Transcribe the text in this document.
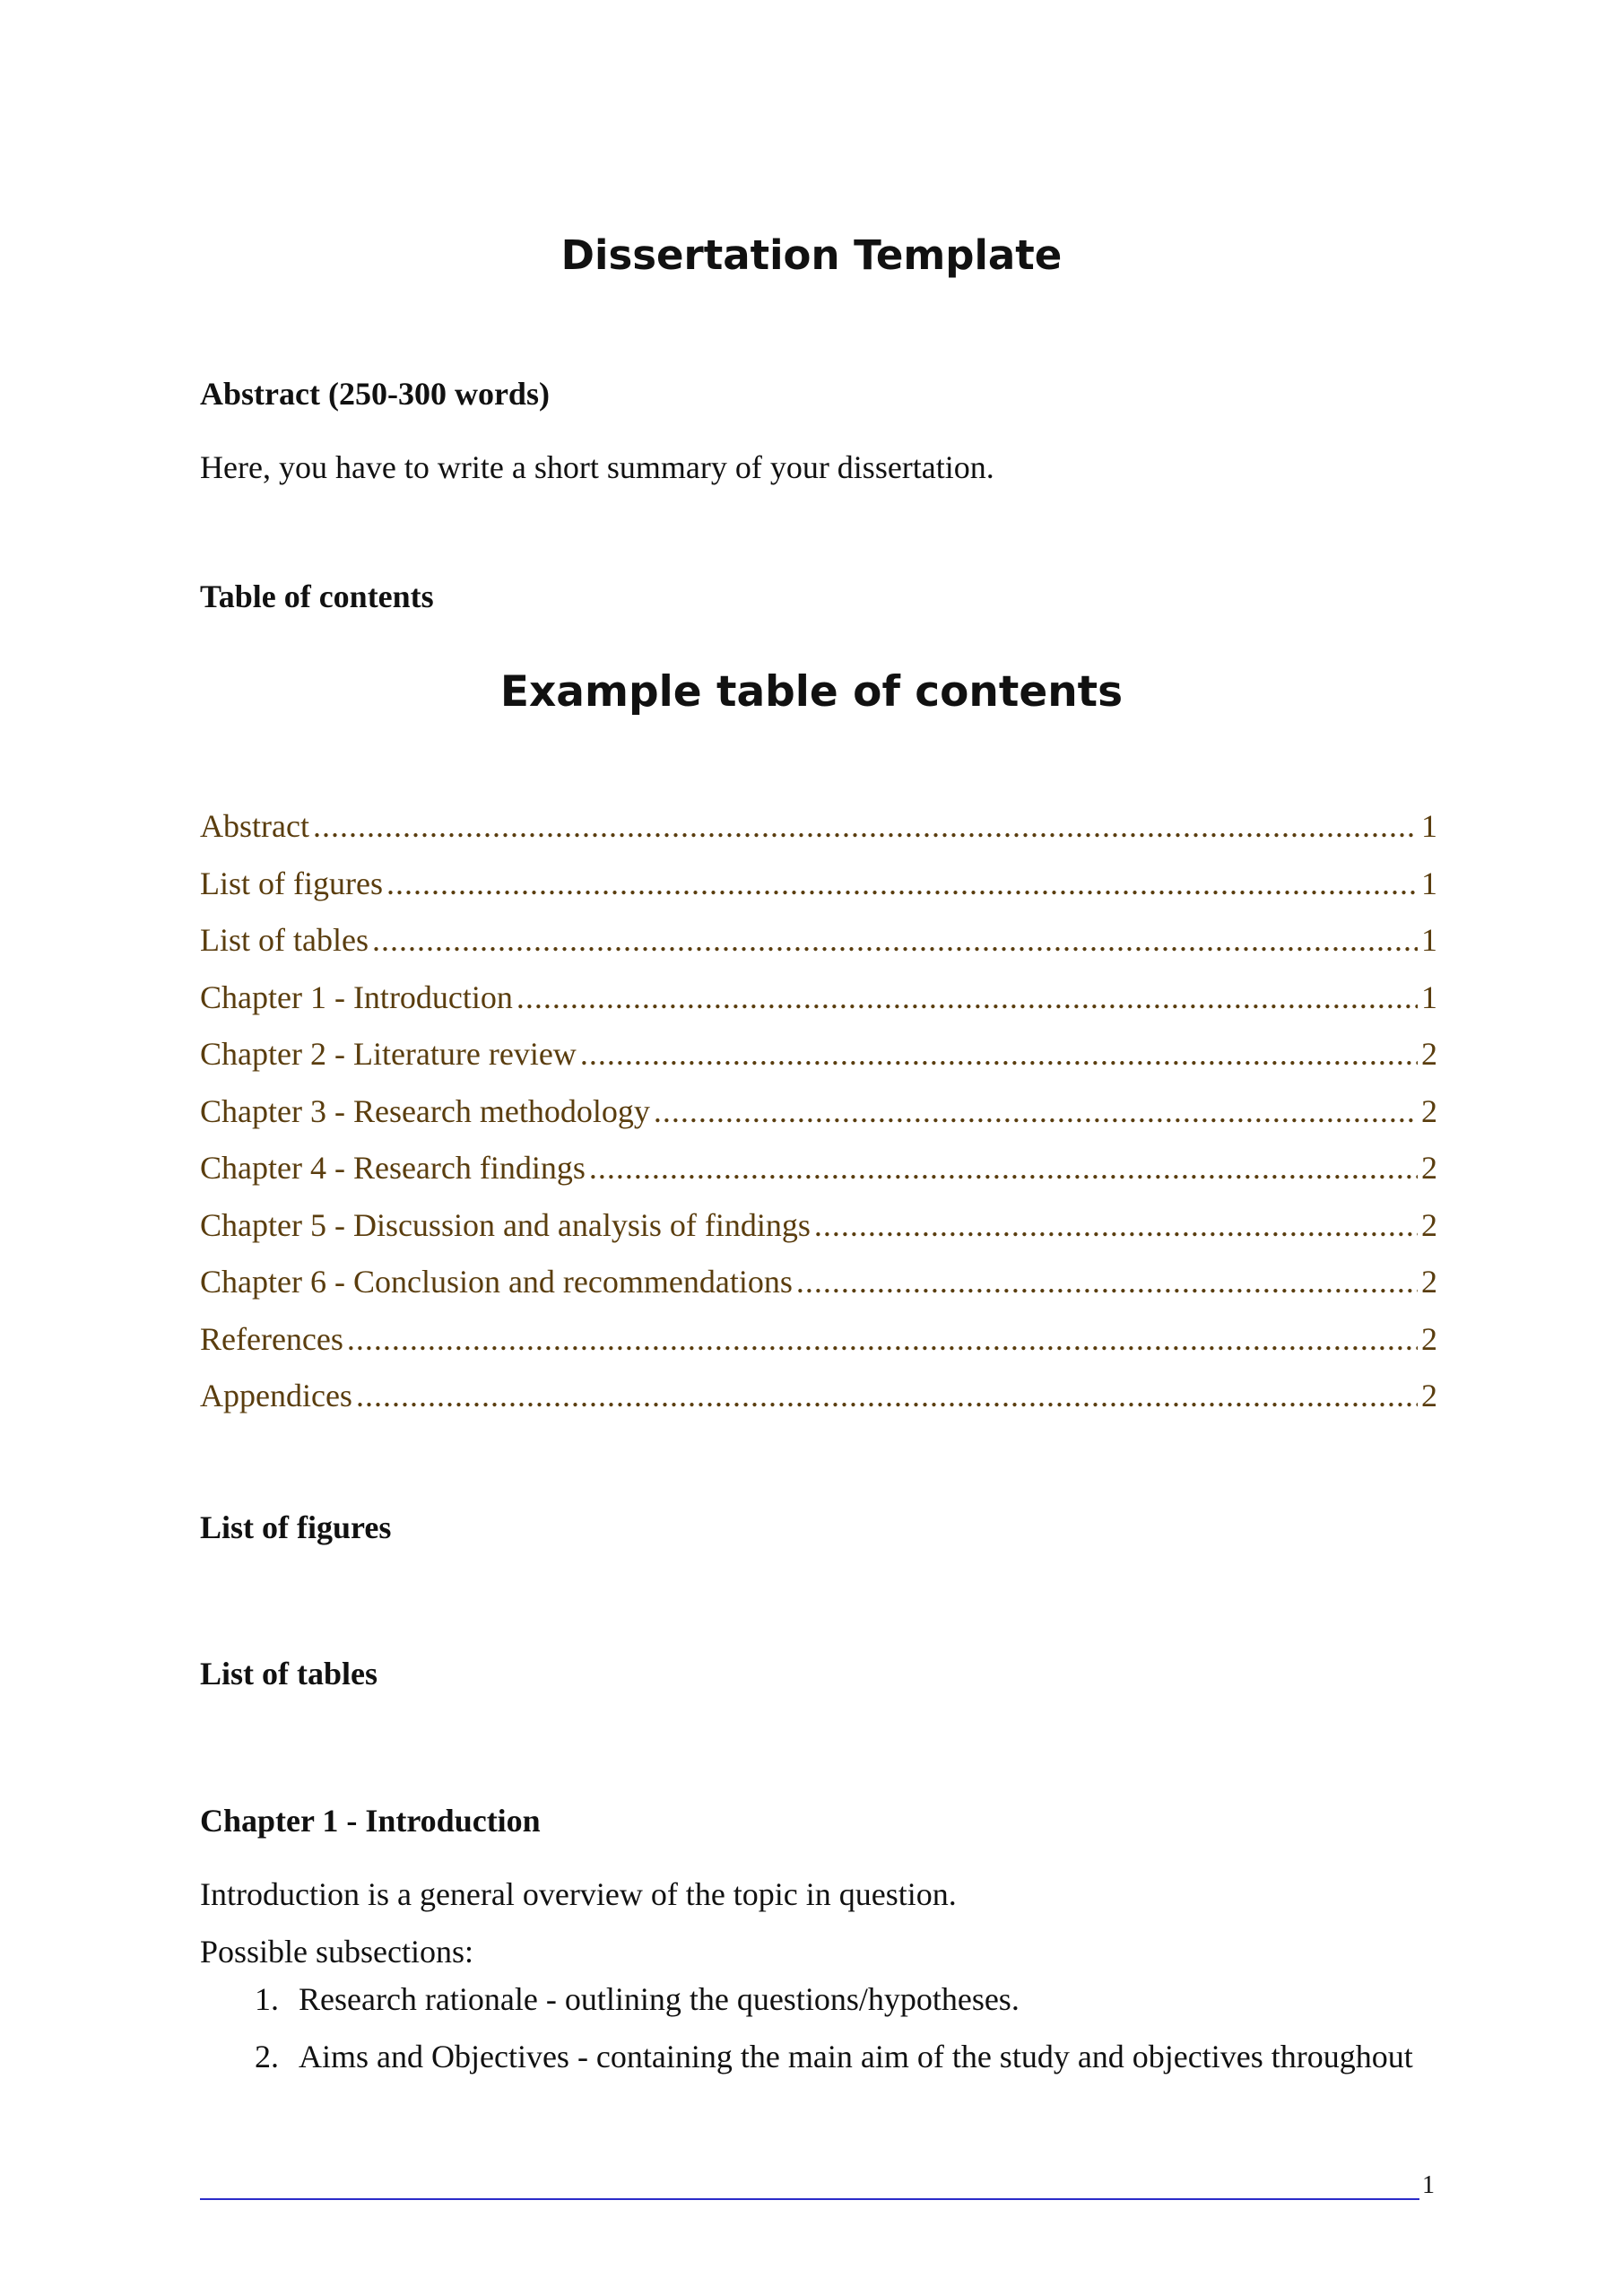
Dissertation Template

Abstract (250-300 words)

Here, you have to write a short summary of your dissertation.

Table of contents

Example table of contents
Abstract .....	1
List of figures .....	1
List of tables .....	1
Chapter 1 - Introduction .....	1
Chapter 2 - Literature review .....	2
Chapter 3 - Research methodology .....	2
Chapter 4 - Research findings .....	2
Chapter 5 - Discussion and analysis of findings .....	2
Chapter 6 - Conclusion and recommendations .....	2
References .....	2
Appendices .....	2

List of figures

List of tables

Chapter 1 - Introduction

Introduction is a general overview of the topic in question.

Possible subsections:

1. Research rationale - outlining the questions/hypotheses.
2. Aims and Objectives - containing the main aim of the study and objectives throughout
1
